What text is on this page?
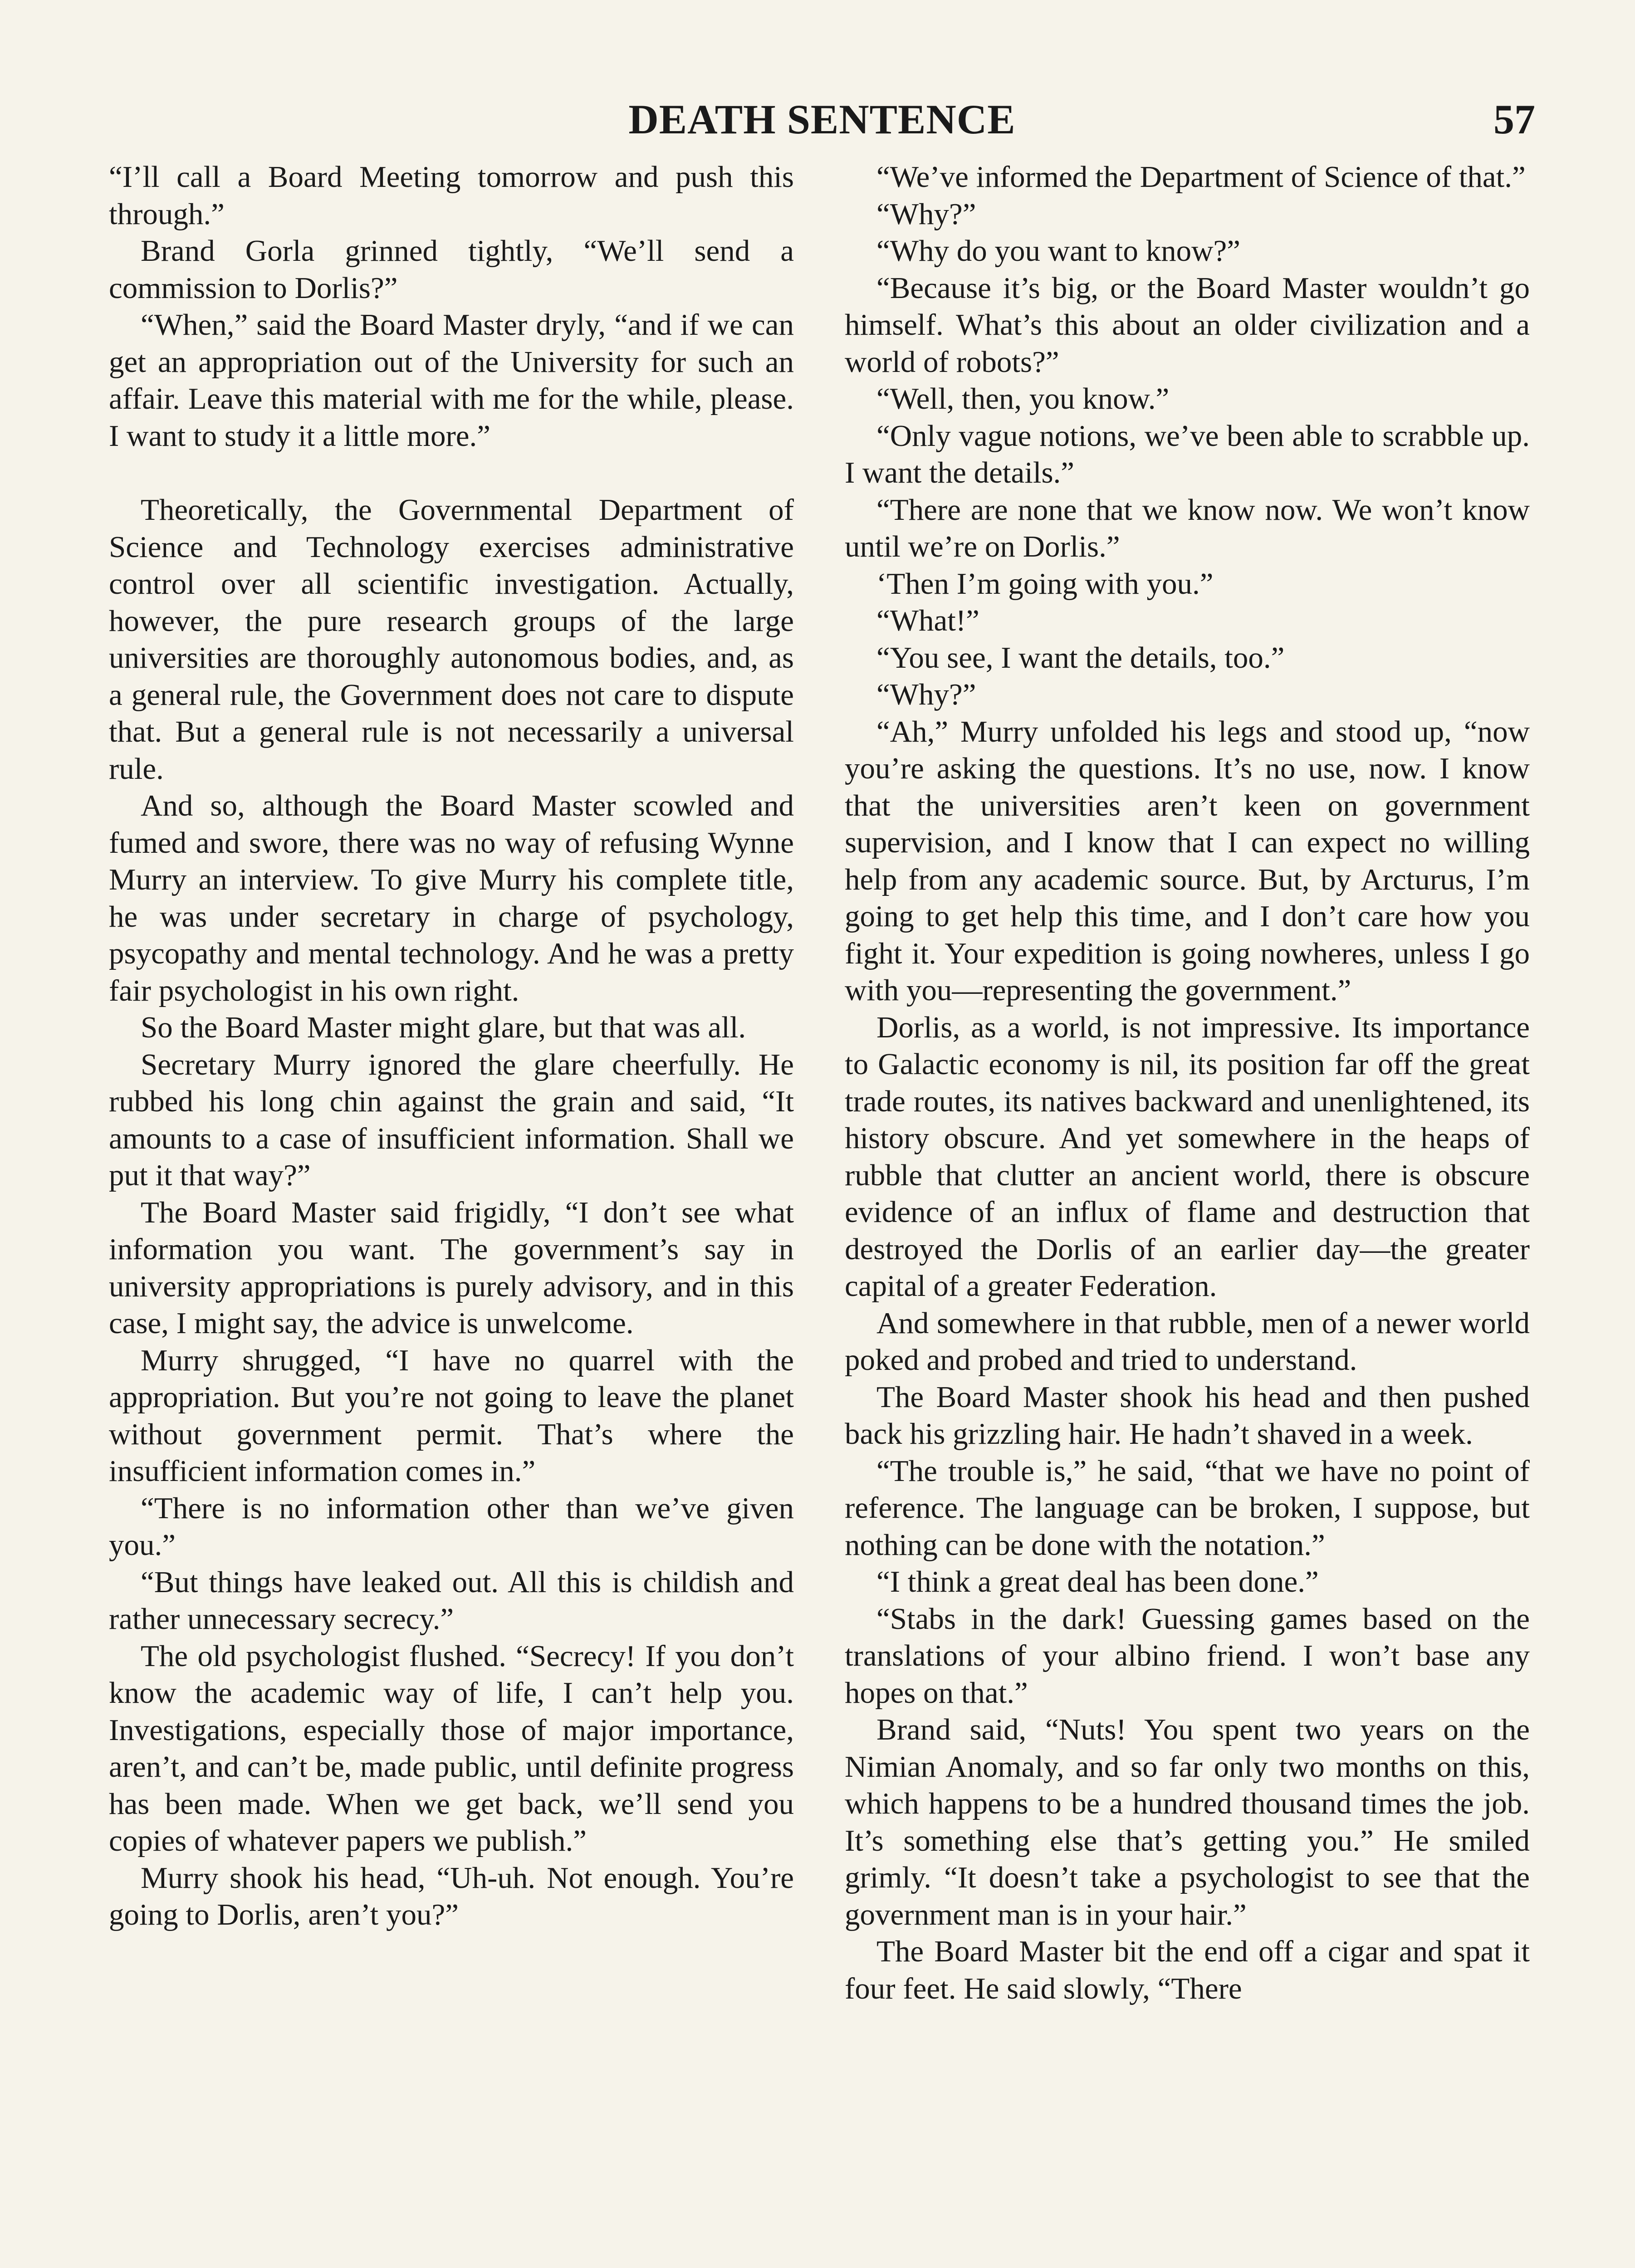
DEATH SENTENCE	57

“I’ll call a Board Meeting tomorrow and push this through.”

Brand Gorla grinned tightly, “We’ll send a commission to Dorlis?”

“When,” said the Board Master dryly, “and if we can get an appropriation out of the University for such an affair. Leave this material with me for the while, please. I want to study it a little more.”

Theoretically, the Governmental Department of Science and Technology exercises administrative control over all scientific investigation. Actually, however, the pure research groups of the large universities are thoroughly autonomous bodies, and, as a general rule, the Government does not care to dispute that. But a general rule is not necessarily a universal rule.

And so, although the Board Master scowled and fumed and swore, there was no way of refusing Wynne Murry an interview. To give Murry his complete title, he was under secretary in charge of psychology, psycopathy and mental technology. And he was a pretty fair psychologist in his own right.

So the Board Master might glare, but that was all.

Secretary Murry ignored the glare cheerfully. He rubbed his long chin against the grain and said, “It amounts to a case of insufficient information. Shall we put it that way?”

The Board Master said frigidly, “I don’t see what information you want. The government’s say in university appropriations is purely advisory, and in this case, I might say, the advice is unwelcome.

Murry shrugged, “I have no quarrel with the appropriation. But you’re not going to leave the planet without government permit. That’s where the insufficient information comes in.”

“There is no information other than we’ve given you.”

“But things have leaked out. All this is childish and rather unnecessary secrecy.”

The old psychologist flushed. “Secrecy! If you don’t know the academic way of life, I can’t help you. Investigations, especially those of major importance, aren’t, and can’t be, made public, until definite progress has been made. When we get back, we’ll send you copies of whatever papers we publish.”

Murry shook his head, “Uh-uh. Not enough. You’re going to Dorlis, aren’t you?”

“We’ve informed the Department of Science of that.”

“Why?”

“Why do you want to know?”

“Because it’s big, or the Board Master wouldn’t go himself. What’s this about an older civilization and a world of robots?”

“Well, then, you know.”

“Only vague notions, we’ve been able to scrabble up. I want the details.”

“There are none that we know now. We won’t know until we’re on Dorlis.”

‘Then I’m going with you.”

“What!”

“You see, I want the details, too.”

“Why?”

“Ah,” Murry unfolded his legs and stood up, “now you’re asking the questions. It’s no use, now. I know that the universities aren’t keen on government supervision, and I know that I can expect no willing help from any academic source. But, by Arcturus, I’m going to get help this time, and I don’t care how you fight it. Your expedition is going nowheres, unless I go with you—representing the government.”

Dorlis, as a world, is not impressive. Its importance to Galactic economy is nil, its position far off the great trade routes, its natives backward and unenlightened, its history obscure. And yet somewhere in the heaps of rubble that clutter an ancient world, there is obscure evidence of an influx of flame and destruction that destroyed the Dorlis of an earlier day—the greater capital of a greater Federation.

And somewhere in that rubble, men of a newer world poked and probed and tried to understand.

The Board Master shook his head and then pushed back his grizzling hair. He hadn’t shaved in a week.

“The trouble is,” he said, “that we have no point of reference. The language can be broken, I suppose, but nothing can be done with the notation.”

“I think a great deal has been done.”

“Stabs in the dark! Guessing games based on the translations of your albino friend. I won’t base any hopes on that.”

Brand said, “Nuts! You spent two years on the Nimian Anomaly, and so far only two months on this, which happens to be a hundred thousand times the job. It’s something else that’s getting you.” He smiled grimly. “It doesn’t take a psychologist to see that the government man is in your hair.”

The Board Master bit the end off a cigar and spat it four feet. He said slowly, “There
